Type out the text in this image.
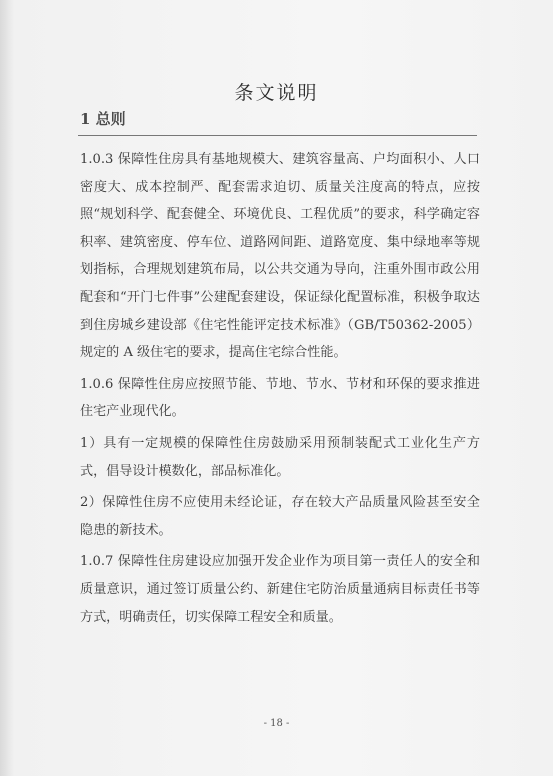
条文说明
1 总则

1.0.3 保障性住房具有基地规模大、建筑容量高、户均面积小、人口密度大、成本控制严、配套需求迫切、质量关注度高的特点，应按照“规划科学、配套健全、环境优良、工程优质”的要求，科学确定容积率、建筑密度、停车位、道路网间距、道路宽度、集中绿地率等规划指标，合理规划建筑布局，以公共交通为导向，注重外围市政公用配套和“开门七件事”公建配套建设，保证绿化配置标准，积极争取达到住房城乡建设部《住宅性能评定技术标准》（GB/T50362-2005）规定的 A 级住宅的要求，提高住宅综合性能。

1.0.6 保障性住房应按照节能、节地、节水、节材和环保的要求推进住宅产业现代化。

1）具有一定规模的保障性住房鼓励采用预制装配式工业化生产方式，倡导设计模数化，部品标准化。

2）保障性住房不应使用未经论证，存在较大产品质量风险甚至安全隐患的新技术。

1.0.7 保障性住房建设应加强开发企业作为项目第一责任人的安全和质量意识，通过签订质量公约、新建住宅防治质量通病目标责任书等方式，明确责任，切实保障工程安全和质量。

- 18 -
